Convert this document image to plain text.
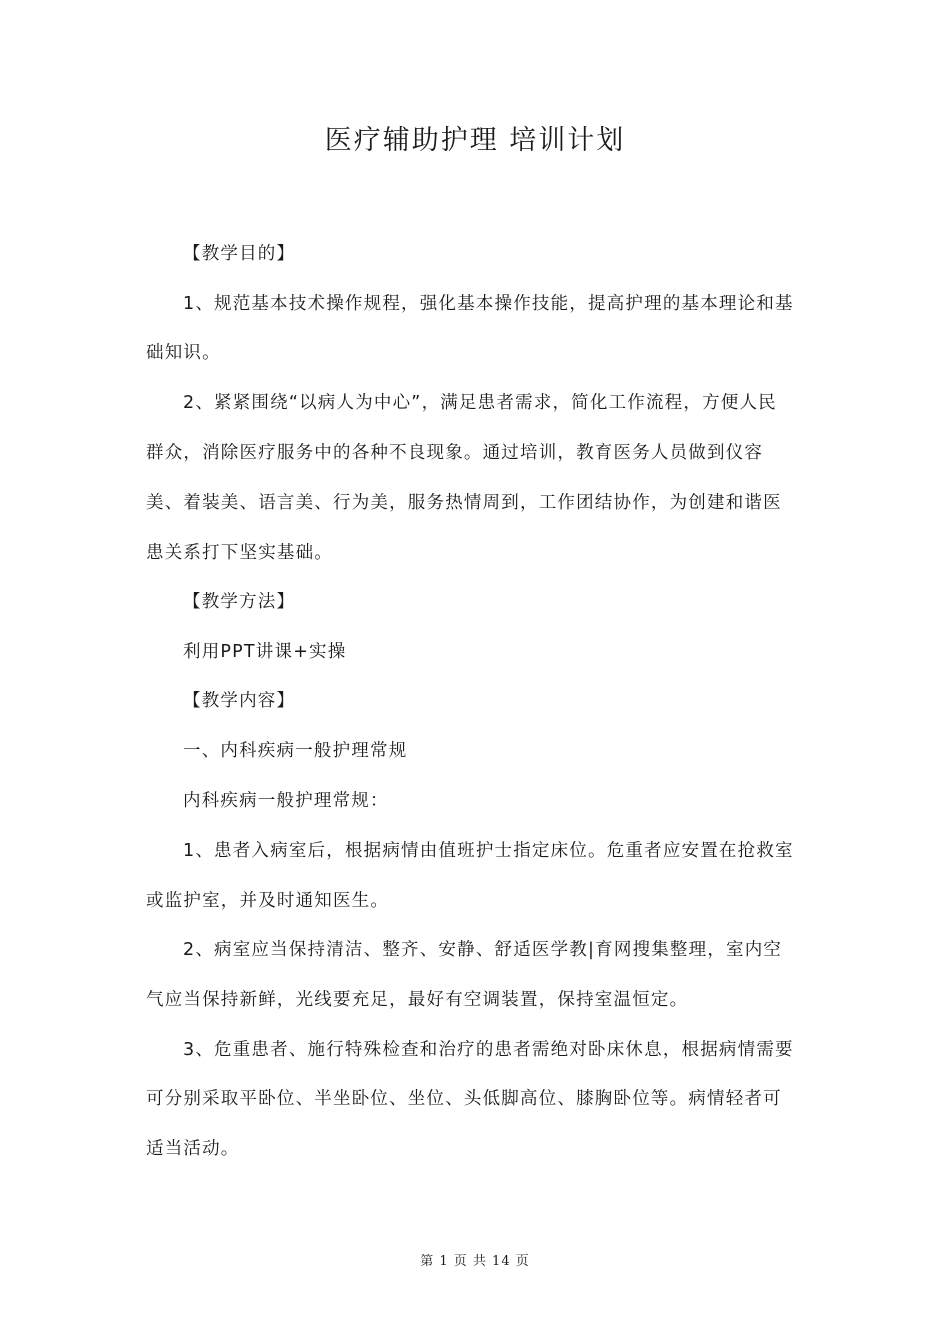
医疗辅助护理 培训计划
【教学目的】
1、规范基本技术操作规程，强化基本操作技能，提高护理的基本理论和基
础知识。
2、紧紧围绕“以病人为中心”，满足患者需求，简化工作流程，方便人民
群众，消除医疗服务中的各种不良现象。通过培训，教育医务人员做到仪容
美、着装美、语言美、行为美，服务热情周到，工作团结协作，为创建和谐医
患关系打下坚实基础。
【教学方法】
利用PPT讲课+实操
【教学内容】
一、内科疾病一般护理常规
内科疾病一般护理常规：
1、患者入病室后，根据病情由值班护士指定床位。危重者应安置在抢救室
或监护室，并及时通知医生。
2、病室应当保持清洁、整齐、安静、舒适医学教|育网搜集整理，室内空
气应当保持新鲜，光线要充足，最好有空调装置，保持室温恒定。
3、危重患者、施行特殊检查和治疗的患者需绝对卧床休息，根据病情需要
可分别采取平卧位、半坐卧位、坐位、头低脚高位、膝胸卧位等。病情轻者可
适当活动。
第 1 页 共 14 页
